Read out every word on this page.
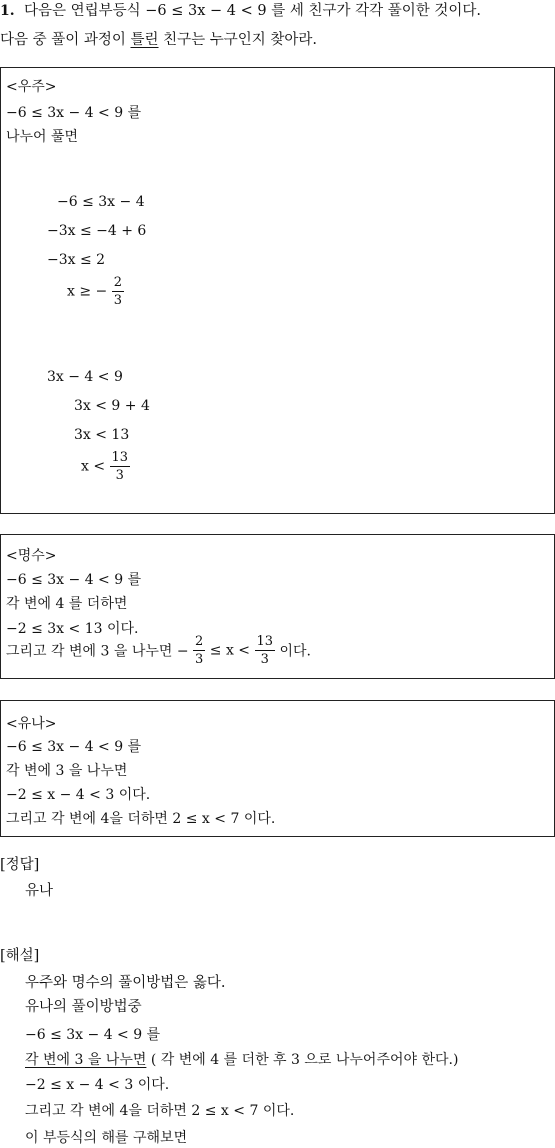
1. 다음은 연립부등식 −6 ≤ 3x − 4 < 9 를 세 친구가 각각 풀이한 것이다.
다음 중 풀이 과정이 틀린 친구는 누구인지 찾아라.
<우주>
−6 ≤ 3x − 4 < 9 를
나누어 풀면
−6 ≤ 3x − 4
−3x ≤ −4 + 6
−3x ≤ 2
x ≥ − $\frac{2}{3}$
3x − 4 < 9
3x < 9 + 4
3x < 13
$x < \frac{13}{3}$
<명수>
−6 ≤ 3x − 4 < 9 를
각 변에 4 를 더하면
−2 ≤ 3x < 13 이다.
그리고 각 변에 3 을 나누면 − $\frac{2}{3} \le x < \frac{13}{3}$ 이다.
<유나>
−6 ≤ 3x − 4 < 9 를
각 변에 3 을 나누면
−2 ≤ x − 4 < 3 이다.
그리고 각 변에 4을 더하면 2 ≤ x < 7 이다.
[정답]
유나
[해설]
우주와 명수의 풀이방법은 옳다.
유나의 풀이방법중
−6 ≤ 3x − 4 < 9 를
각 변에 3 을 나누면 ( 각 변에 4 를 더한 후 3 으로 나누어주어야 한다.)
−2 ≤ x − 4 < 3 이다.
그리고 각 변에 4을 더하면 2 ≤ x < 7 이다.
이 부등식의 해를 구해보면
